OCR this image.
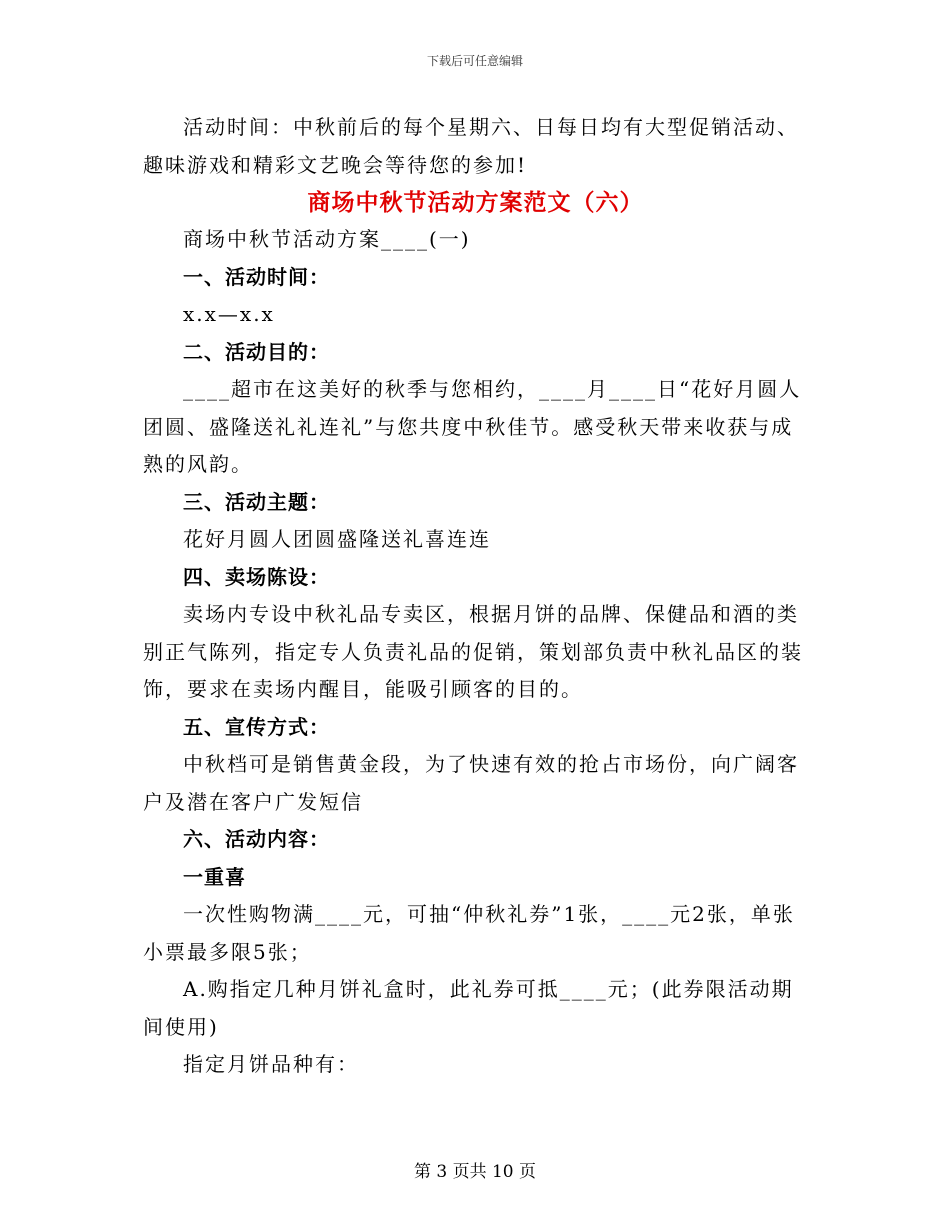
下载后可任意编辑

活动时间：中秋前后的每个星期六、日每日均有大型促销活动、趣味游戏和精彩文艺晚会等待您的参加!

商场中秋节活动方案范文（六）

商场中秋节活动方案____(一)

一、活动时间：

x.x—x.x

二、活动目的：

____超市在这美好的秋季与您相约，____月____日“花好月圆人团圆、盛隆送礼礼连礼”与您共度中秋佳节。感受秋天带来收获与成熟的风韵。

三、活动主题：

花好月圆人团圆盛隆送礼喜连连

四、卖场陈设：

卖场内专设中秋礼品专卖区，根据月饼的品牌、保健品和酒的类别正气陈列，指定专人负责礼品的促销，策划部负责中秋礼品区的装饰，要求在卖场内醒目，能吸引顾客的目的。

五、宣传方式：

中秋档可是销售黄金段，为了快速有效的抢占市场份，向广阔客户及潜在客户广发短信

六、活动内容：

一重喜

一次性购物满____元，可抽“仲秋礼券”1张，____元2张，单张小票最多限5张；

A.购指定几种月饼礼盒时，此礼券可抵____元；(此券限活动期间使用)

指定月饼品种有：

第 3 页共 10 页
